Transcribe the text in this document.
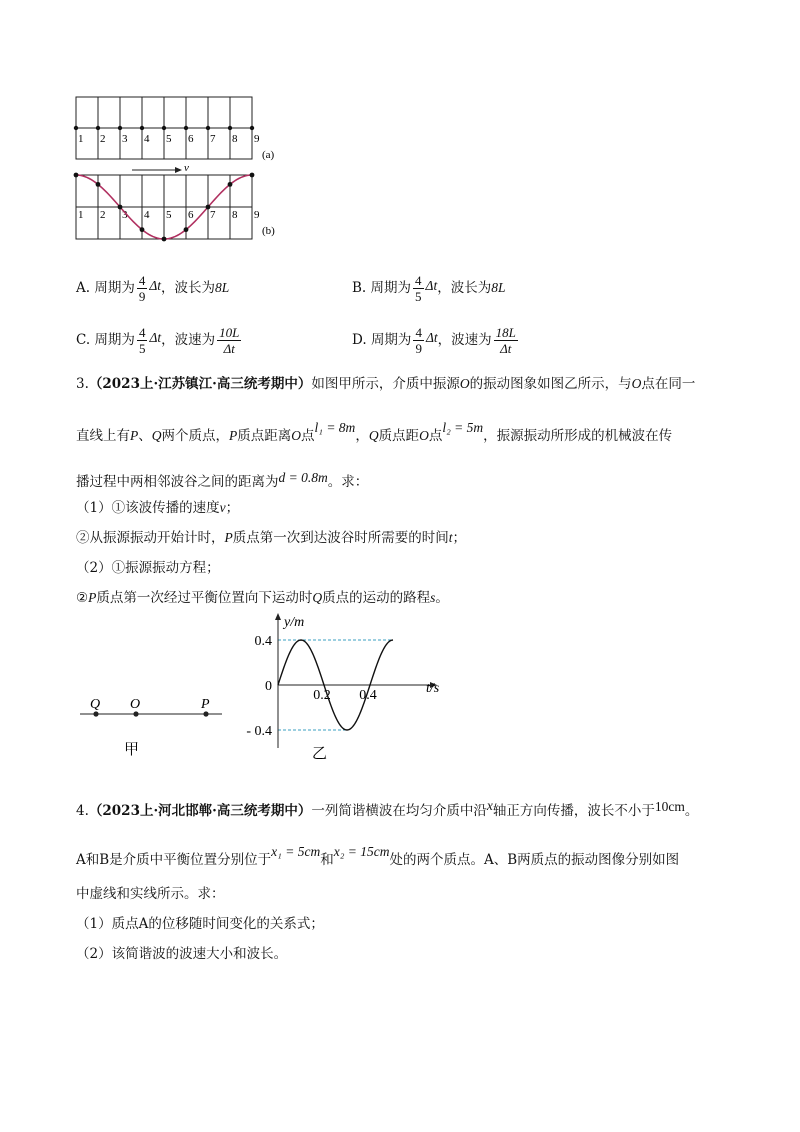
1 2 3 4 5 6 7 8 9
1 2 3 4 5 6 7 8 9
(a)
(b)
v
A. 周期为 $\frac{4}{9}$ Δt，波长为8L	B. 周期为 $\frac{4}{5}$ Δt，波长为8L
C. 周期为 $\frac{4}{5}$ Δt，波速为 $\frac{10L}{\Delta t}$	D. 周期为 $\frac{4}{9}$ Δt，波速为 $\frac{18L}{\Delta t}$
3.（2023上·江苏镇江·高三统考期中）如图甲所示，介质中振源O的振动图象如图乙所示，与O点在同一
直线上有P、Q两个质点，P质点距离O点l₁ = 8m，Q质点距O点l₂ = 5m，振源振动所形成的机械波在传
播过程中两相邻波谷之间的距离为d = 0.8m。求：
（1）①该波传播的速度v；
②从振源振动开始计时，P质点第一次到达波谷时所需要的时间t；
（2）①振源振动方程；
②P质点第一次经过平衡位置向下运动时Q质点的运动的路程s。
Q O	P
甲
y/m
t/s
0.4
0
- 0.4
0.2 0.4
乙
4.（2023上·河北邯郸·高三统考期中）一列简谐横波在均匀介质中沿x轴正方向传播，波长不小于10cm。
A和B是介质中平衡位置分别位于x₁ = 5cm和x₂ = 15cm处的两个质点。A、B两质点的振动图像分别如图
中虚线和实线所示。求：
（1）质点A的位移随时间变化的关系式；
（2）该简谐波的波速大小和波长。
